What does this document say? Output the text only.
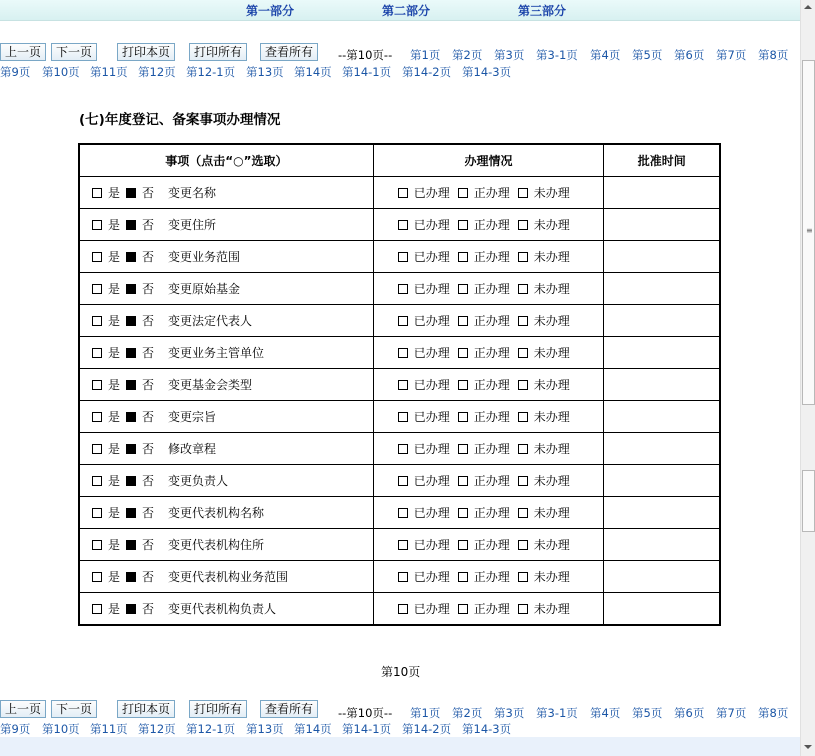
第一部分	第二部分	第三部分
上一页	下一页	打印本页	打印所有	查看所有	--第10页-- 第1页 第2页 第3页 第3-1页 第4页 第5页 第6页 第7页 第8页
第9页 第10页 第11页 第12页 第12-1页 第13页 第14页 第14-1页 第14-2页 第14-3页
(七)年度登记、备案事项办理情况
事项（点击“○”选取）	办理情况	批准时间
是 否 变更名称	已办理 正办理 未办理	
是 否 变更住所	已办理 正办理 未办理	
是 否 变更业务范围	已办理 正办理 未办理	
是 否 变更原始基金	已办理 正办理 未办理	
是 否 变更法定代表人	已办理 正办理 未办理	
是 否 变更业务主管单位	已办理 正办理 未办理	
是 否 变更基金会类型	已办理 正办理 未办理	
是 否 变更宗旨	已办理 正办理 未办理	
是 否 修改章程	已办理 正办理 未办理	
是 否 变更负责人	已办理 正办理 未办理	
是 否 变更代表机构名称	已办理 正办理 未办理	
是 否 变更代表机构住所	已办理 正办理 未办理	
是 否 变更代表机构业务范围	已办理 正办理 未办理	
是 否 变更代表机构负责人	已办理 正办理 未办理	
第10页
上一页	下一页	打印本页	打印所有	查看所有	--第10页-- 第1页 第2页 第3页 第3-1页 第4页 第5页 第6页 第7页 第8页
第9页 第10页 第11页 第12页 第12-1页 第13页 第14页 第14-1页 第14-2页 第14-3页
≡
